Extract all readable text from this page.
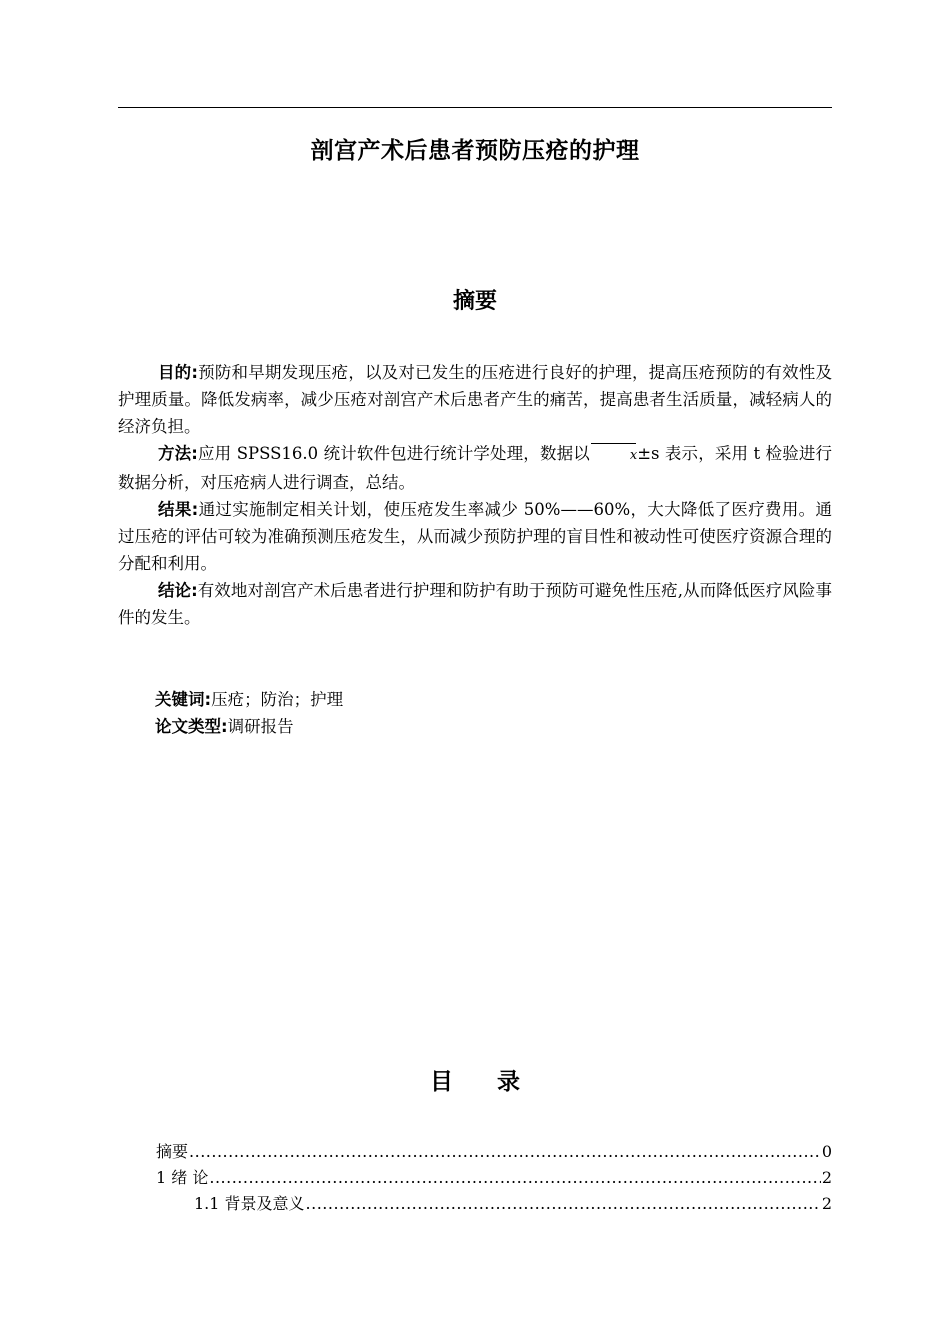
剖宫产术后患者预防压疮的护理
摘要

目的:预防和早期发现压疮，以及对已发生的压疮进行良好的护理，提高压疮预防的有效性及护理质量。降低发病率，减少压疮对剖宫产术后患者产生的痛苦，提高患者生活质量，减轻病人的经济负担。

方法:应用 SPSS16.0 统计软件包进行统计学处理，数据以	x±s 表示，采用 t 检验进行数据分析，对压疮病人进行调查，总结。

结果:通过实施制定相关计划，使压疮发生率减少 50%——60%，大大降低了医疗费用。通过压疮的评估可较为准确预测压疮发生，从而减少预防护理的盲目性和被动性可使医疗资源合理的分配和利用。

结论:有效地对剖宫产术后患者进行护理和防护有助于预防可避免性压疮,从而降低医疗风险事件的发生。

关键词:压疮；防治；护理
论文类型:调研报告
目 录
摘要 .....	0
1 绪 论 .....	2
1.1 背景及意义 .....	2
